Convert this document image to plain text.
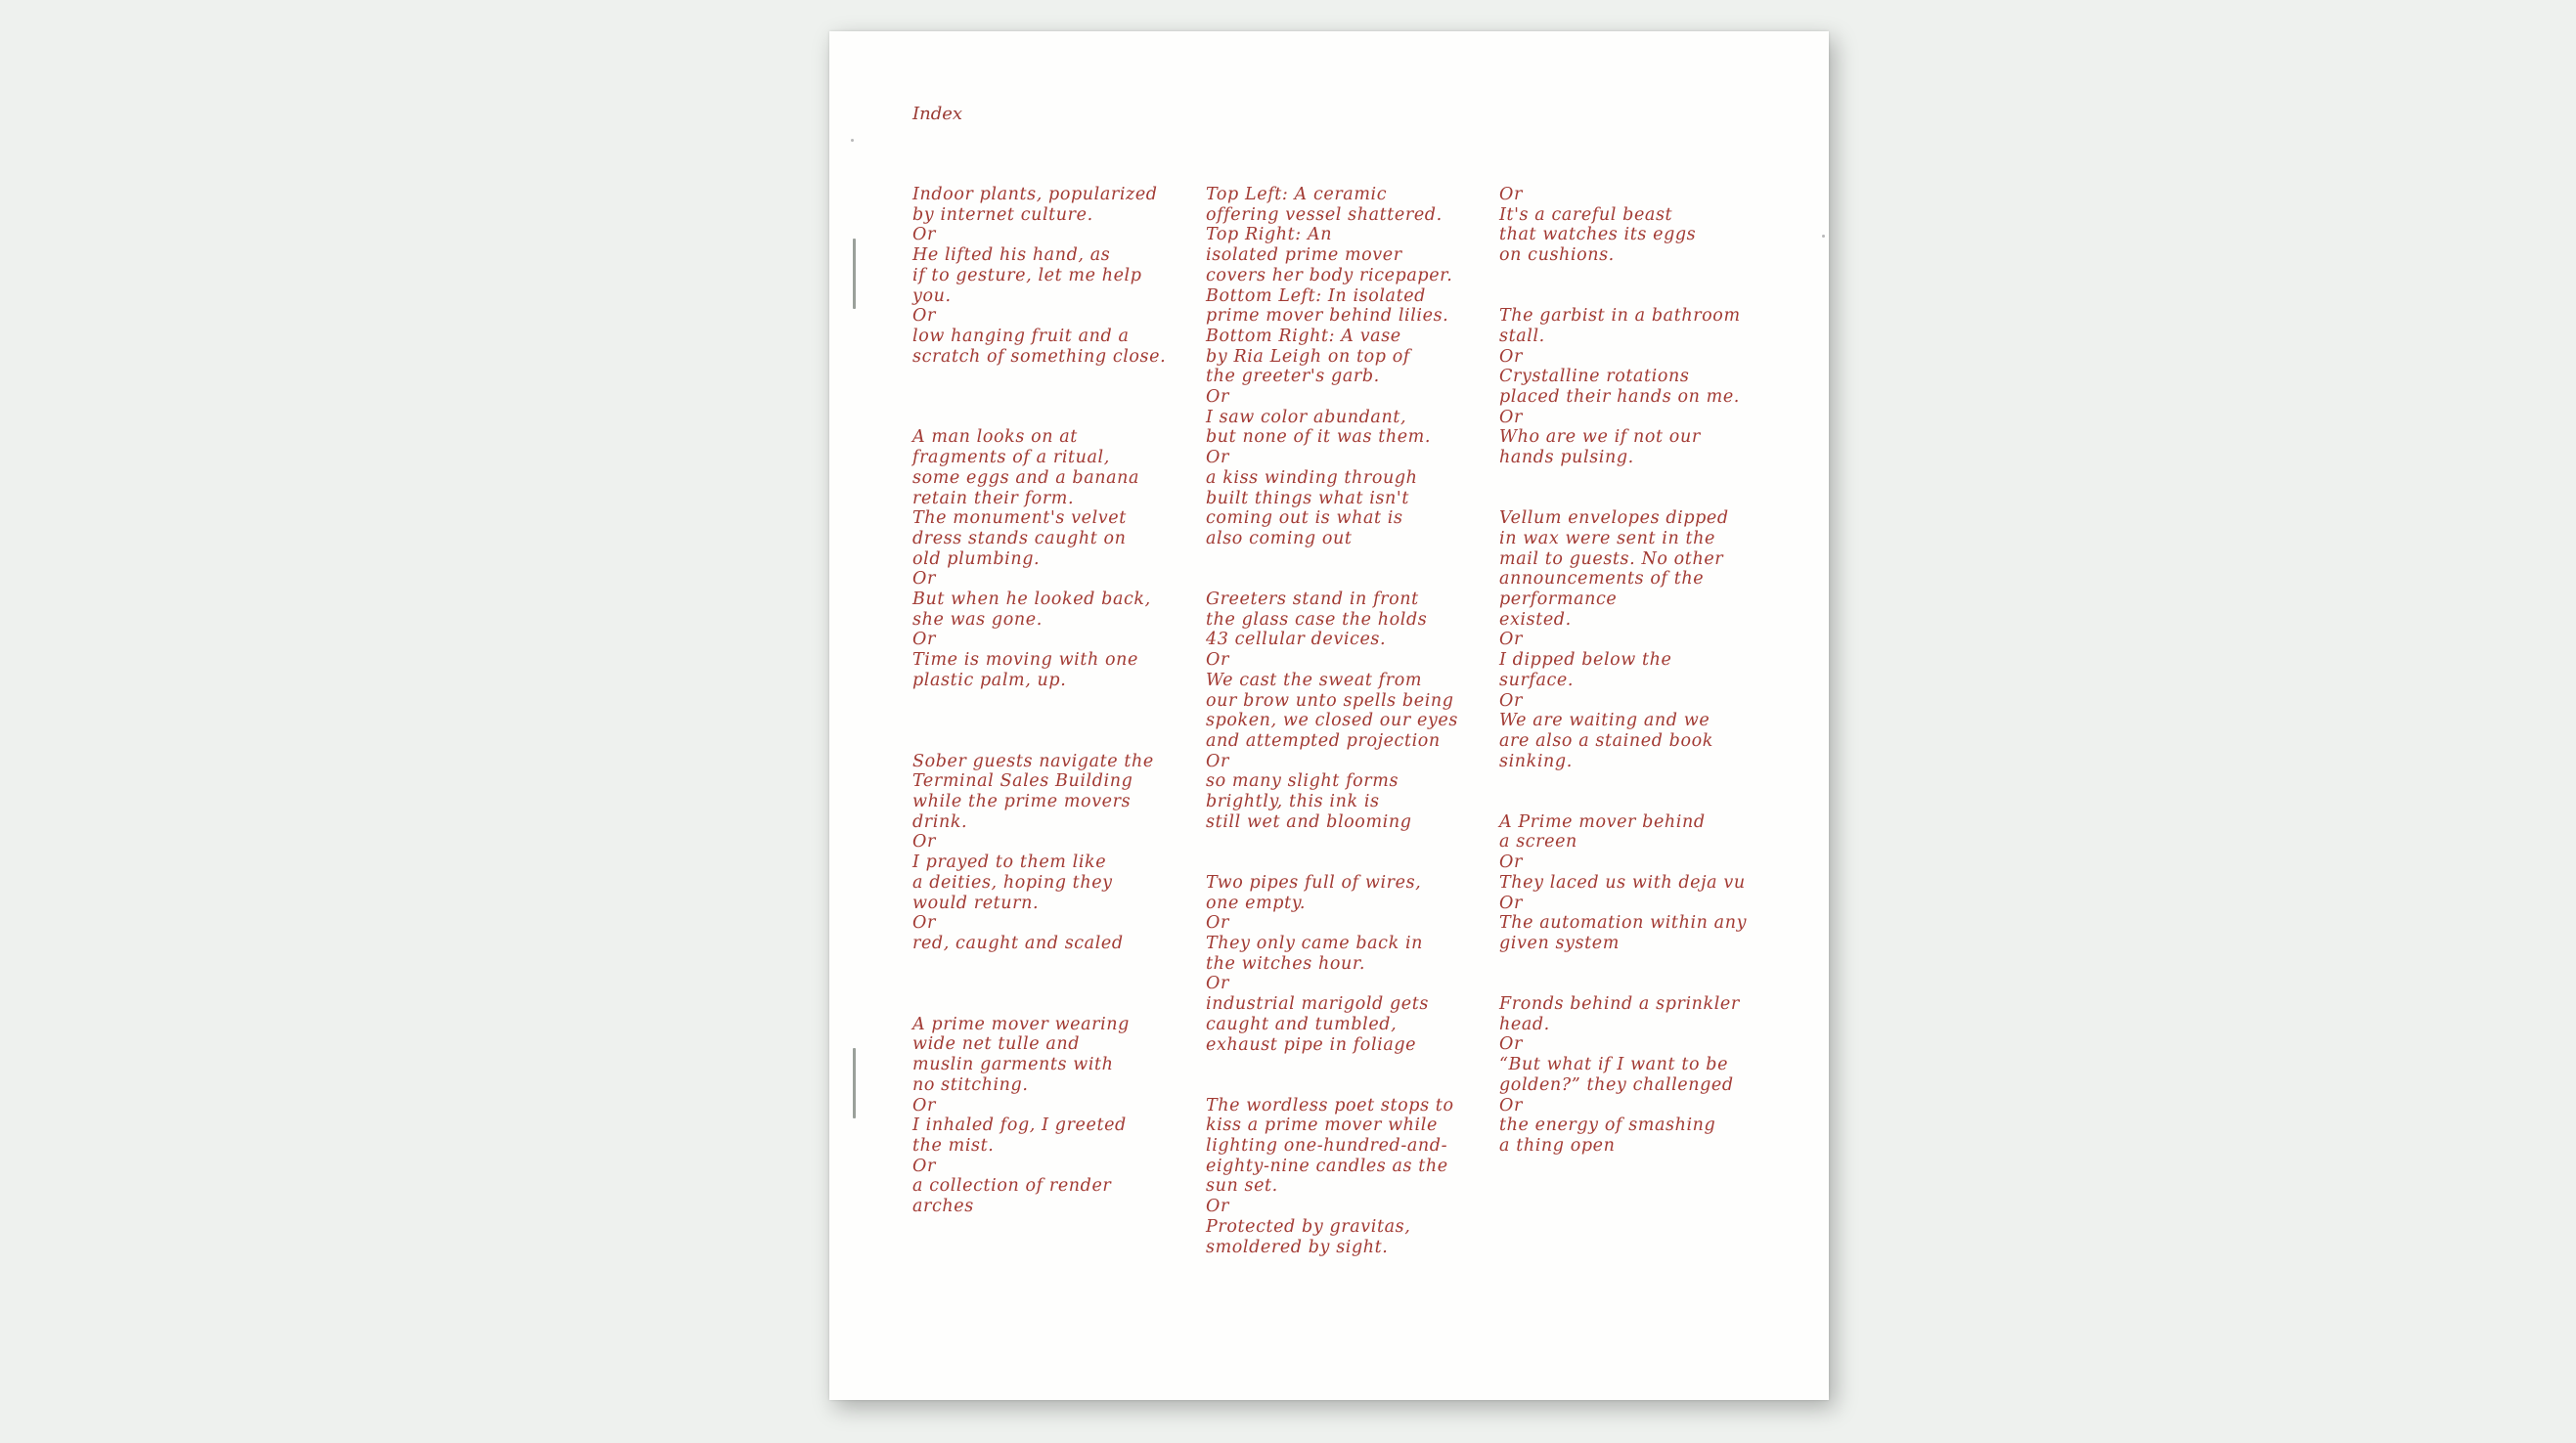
Index

Indoor plants, popularized
by internet culture.
Or
He lifted his hand, as
if to gesture, let me help
you.
Or
low hanging fruit and a
scratch of something close.

A man looks on at
fragments of a ritual,
some eggs and a banana
retain their form.
The monument's velvet
dress stands caught on
old plumbing.
Or
But when he looked back,
she was gone.
Or
Time is moving with one
plastic palm, up.

Sober guests navigate the
Terminal Sales Building
while the prime movers
drink.
Or
I prayed to them like
a deities, hoping they
would return.
Or
red, caught and scaled

A prime mover wearing
wide net tulle and
muslin garments with
no stitching.
Or
I inhaled fog, I greeted
the mist.
Or
a collection of render
arches

Top Left: A ceramic
offering vessel shattered.
Top Right: An
isolated prime mover
covers her body ricepaper.
Bottom Left: In isolated
prime mover behind lilies.
Bottom Right: A vase
by Ria Leigh on top of
the greeter's garb.
Or
I saw color abundant,
but none of it was them.
Or
a kiss winding through
built things what isn't
coming out is what is
also coming out

Greeters stand in front
the glass case the holds
43 cellular devices.
Or
We cast the sweat from
our brow unto spells being
spoken, we closed our eyes
and attempted projection
Or
so many slight forms
brightly, this ink is
still wet and blooming

Two pipes full of wires,
one empty.
Or
They only came back in
the witches hour.
Or
industrial marigold gets
caught and tumbled,
exhaust pipe in foliage

The wordless poet stops to
kiss a prime mover while
lighting one-hundred-and-
eighty-nine candles as the
sun set.
Or
Protected by gravitas,
smoldered by sight.

Or
It's a careful beast
that watches its eggs
on cushions.

The garbist in a bathroom
stall.
Or
Crystalline rotations
placed their hands on me.
Or
Who are we if not our
hands pulsing.

Vellum envelopes dipped
in wax were sent in the
mail to guests. No other
announcements of the
performance
existed.
Or
I dipped below the
surface.
Or
We are waiting and we
are also a stained book
sinking.

A Prime mover behind
a screen
Or
They laced us with deja vu
Or
The automation within any
given system

Fronds behind a sprinkler
head.
Or
“But what if I want to be
golden?” they challenged
Or
the energy of smashing
a thing open
